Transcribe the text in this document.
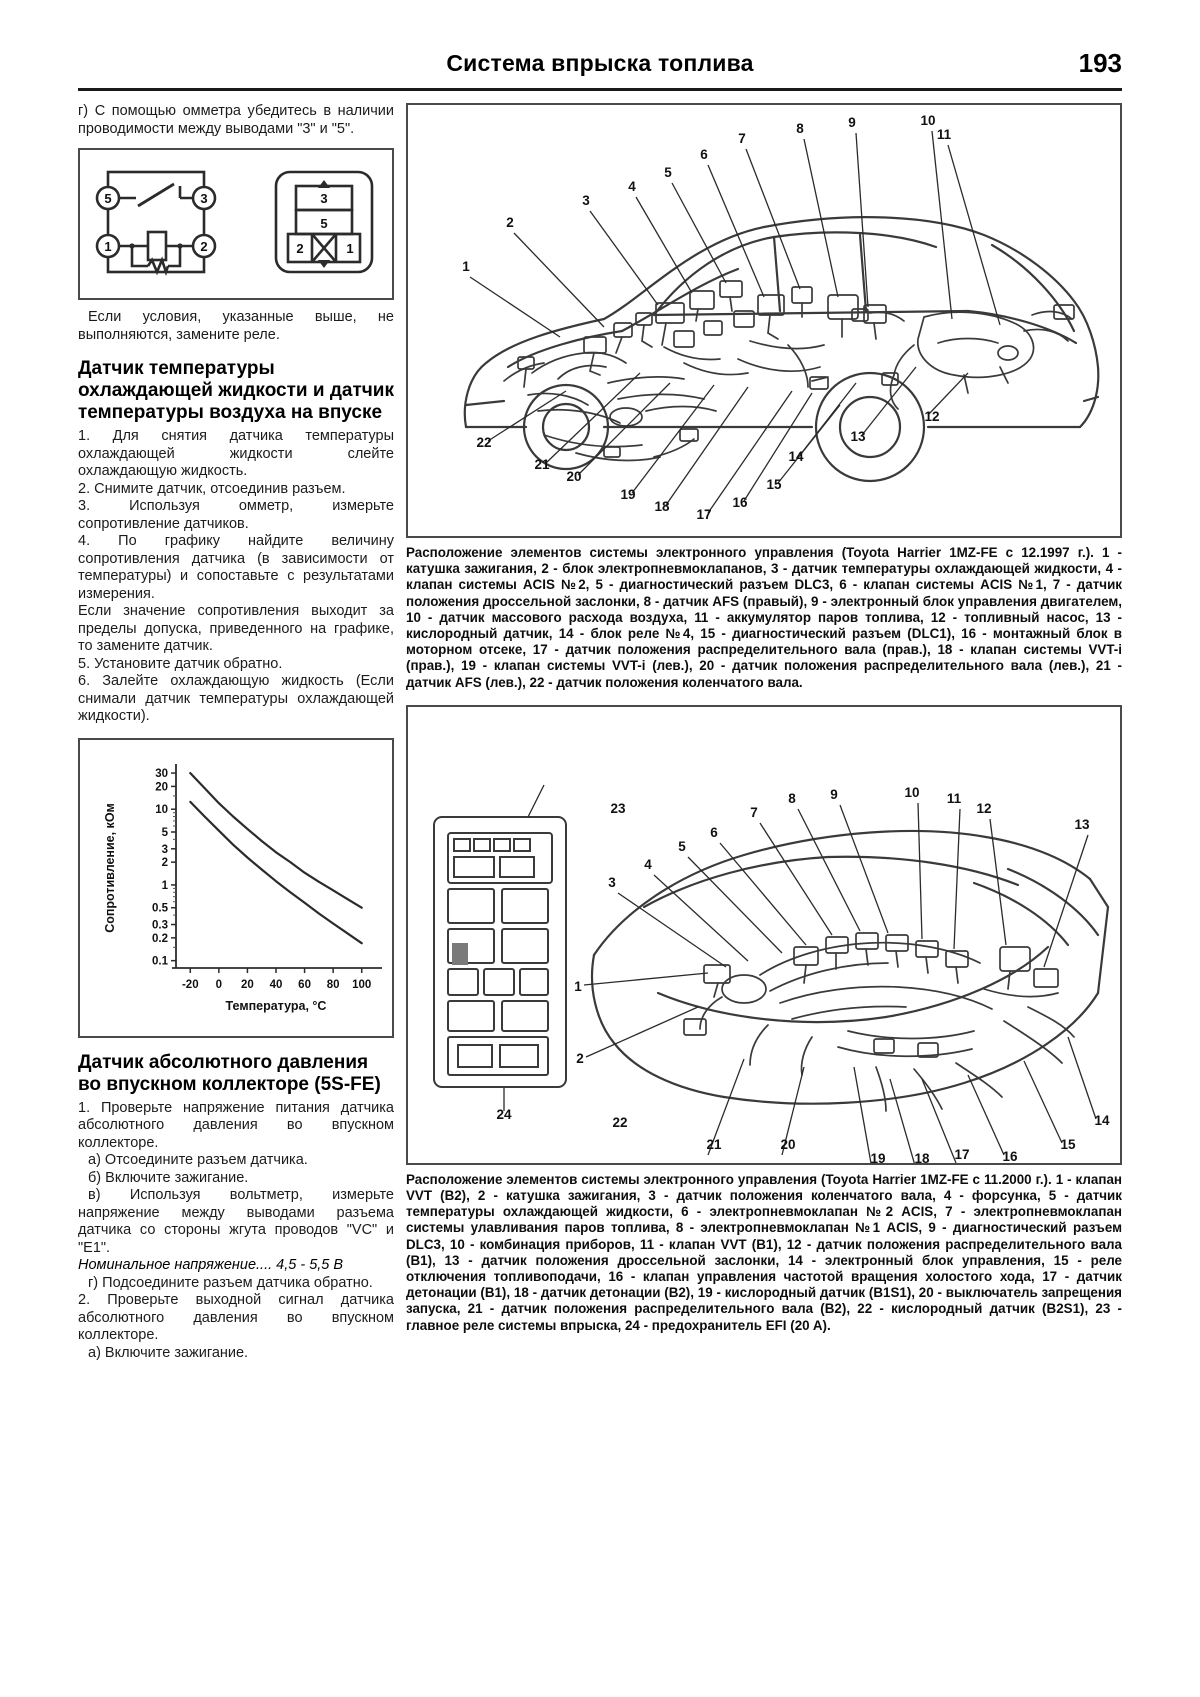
Система впрыска топлива	193
г) С помощью омметра убедитесь в наличии проводимости между выводами "3" и "5".
5	3
1	2
3
5
2	1
Если условия, указанные выше, не выполняются, замените реле.
Датчик температуры охлаждающей жидкости и датчик температуры воздуха на впуске
1. Для снятия датчика температуры охлаждающей жидкости слейте охлаждающую жидкость.
2. Снимите датчик, отсоединив разъем.
3. Используя омметр, измерьте сопротивление датчиков.
4. По графику найдите величину сопротивления датчика (в зависимости от температуры) и сопоставьте с результатами измерения.
Если значение сопротивления выходит за пределы допуска, приведенного на графике, то замените датчик.
5. Установите датчик обратно.
6. Залейте охлаждающую жидкость (Если снимали датчик температуры охлаждающей жидкости).
30
20
10
5
3
2
1
0.5
0.3
0.2
0.1
-20 0 20 40 60 80 100
Сопротивление, кОм
Температура, °C
Датчик абсолютного давления во впускном коллекторе (5S-FE)
1. Проверьте напряжение питания датчика абсолютного давления во впускном коллекторе.
а) Отсоедините разъем датчика.
б) Включите зажигание.
в) Используя вольтметр, измерьте напряжение между выводами разъема датчика со стороны жгута проводов "VC" и "E1".
Номинальное напряжение.... 4,5 - 5,5 В
г) Подсоедините разъем датчика обратно.
2. Проверьте выходной сигнал датчика абсолютного давления во впускном коллекторе.
а) Включите зажигание.
1
2
3
4
5
6
7
8	9	10
11
12
13
14
15
16
17
18
19
20
21
22
Расположение элементов системы электронного управления (Toyota Harrier 1MZ-FE с 12.1997 г.). 1 - катушка зажигания, 2 - блок электропневмоклапанов, 3 - датчик температуры охлаждающей жидкости, 4 - клапан системы ACIS №2, 5 - диагностический разъем DLC3, 6 - клапан системы ACIS №1, 7 - датчик положения дроссельной заслонки, 8 - датчик AFS (правый), 9 - электронный блок управления двигателем, 10 - датчик массового расхода воздуха, 11 - аккумулятор паров топлива, 12 - топливный насос, 13 - кислородный датчик, 14 - блок реле №4, 15 - диагностический разъем (DLC1), 16 - монтажный блок в моторном отсеке, 17 - датчик положения распределительного вала (прав.), 18 - клапан системы VVT-i (прав.), 19 - клапан системы VVT-i (лев.), 20 - датчик положения распределительного вала (лев.), 21 - датчик AFS (лев.), 22 - датчик положения коленчатого вала.
1
2
3
4
5
6
7
8	9	10 11
12
13
14
15
16
17
18
19
20
21
22
23
24
Расположение элементов системы электронного управления (Toyota Harrier 1MZ-FE с 11.2000 г.). 1 - клапан VVT (B2), 2 - катушка зажигания, 3 - датчик положения коленчатого вала, 4 - форсунка, 5 - датчик температуры охлаждающей жидкости, 6 - электропневмоклапан №2 ACIS, 7 - электропневмоклапан системы улавливания паров топлива, 8 - электропневмоклапан №1 ACIS, 9 - диагностический разъем DLC3, 10 - комбинация приборов, 11 - клапан VVT (B1), 12 - датчик положения распределительного вала (B1), 13 - датчик положения дроссельной заслонки, 14 - электронный блок управления, 15 - реле отключения топливоподачи, 16 - клапан управления частотой вращения холостого хода, 17 - датчик детонации (B1), 18 - датчик детонации (B2), 19 - кислородный датчик (B1S1), 20 - выключатель запрещения запуска, 21 - датчик положения распределительного вала (B2), 22 - кислородный датчик (B2S1), 23 - главное реле системы впрыска, 24 - предохранитель EFI (20 A).
